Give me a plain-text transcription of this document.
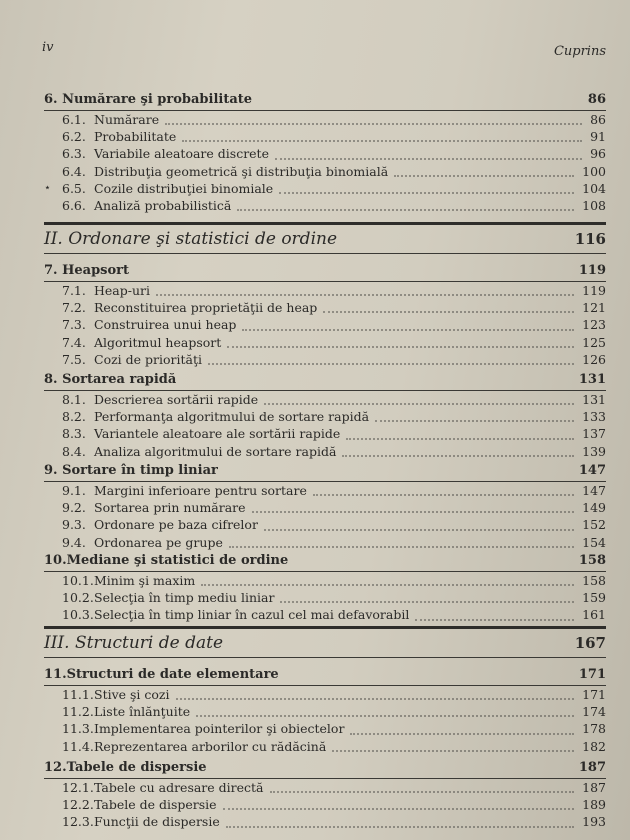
iv	Cuprins
6. Numărare şi probabilitate	86
6.1. Numărare	86
6.2. Probabilitate	91
6.3. Variabile aleatoare discrete	96
6.4. Distribuţia geometrică şi distribuţia binomială	100
⋆ 6.5. Cozile distribuţiei binomiale	104
6.6. Analiză probabilistică	108
II. Ordonare şi statistici de ordine	116
7. Heapsort	119
7.1. Heap-uri	119
7.2. Reconstituirea proprietăţii de heap	121
7.3. Construirea unui heap	123
7.4. Algoritmul heapsort	125
7.5. Cozi de priorităţi	126
8. Sortarea rapidă	131
8.1. Descrierea sortării rapide	131
8.2. Performanţa algoritmului de sortare rapidă	133
8.3. Variantele aleatoare ale sortării rapide	137
8.4. Analiza algoritmului de sortare rapidă	139
9. Sortare în timp liniar	147
9.1. Margini inferioare pentru sortare	147
9.2. Sortarea prin numărare	149
9.3. Ordonare pe baza cifrelor	152
9.4. Ordonarea pe grupe	154
10.Mediane şi statistici de ordine	158
10.1. Minim şi maxim	158
10.2. Selecţia în timp mediu liniar	159
10.3. Selecţia în timp liniar în cazul cel mai defavorabil	161
III. Structuri de date	167
11.Structuri de date elementare	171
11.1. Stive şi cozi	171
11.2. Liste înlănţuite	174
11.3. Implementarea pointerilor şi obiectelor	178
11.4. Reprezentarea arborilor cu rădăcină	182
12.Tabele de dispersie	187
12.1. Tabele cu adresare directă	187
12.2. Tabele de dispersie	189
12.3. Funcţii de dispersie	193
